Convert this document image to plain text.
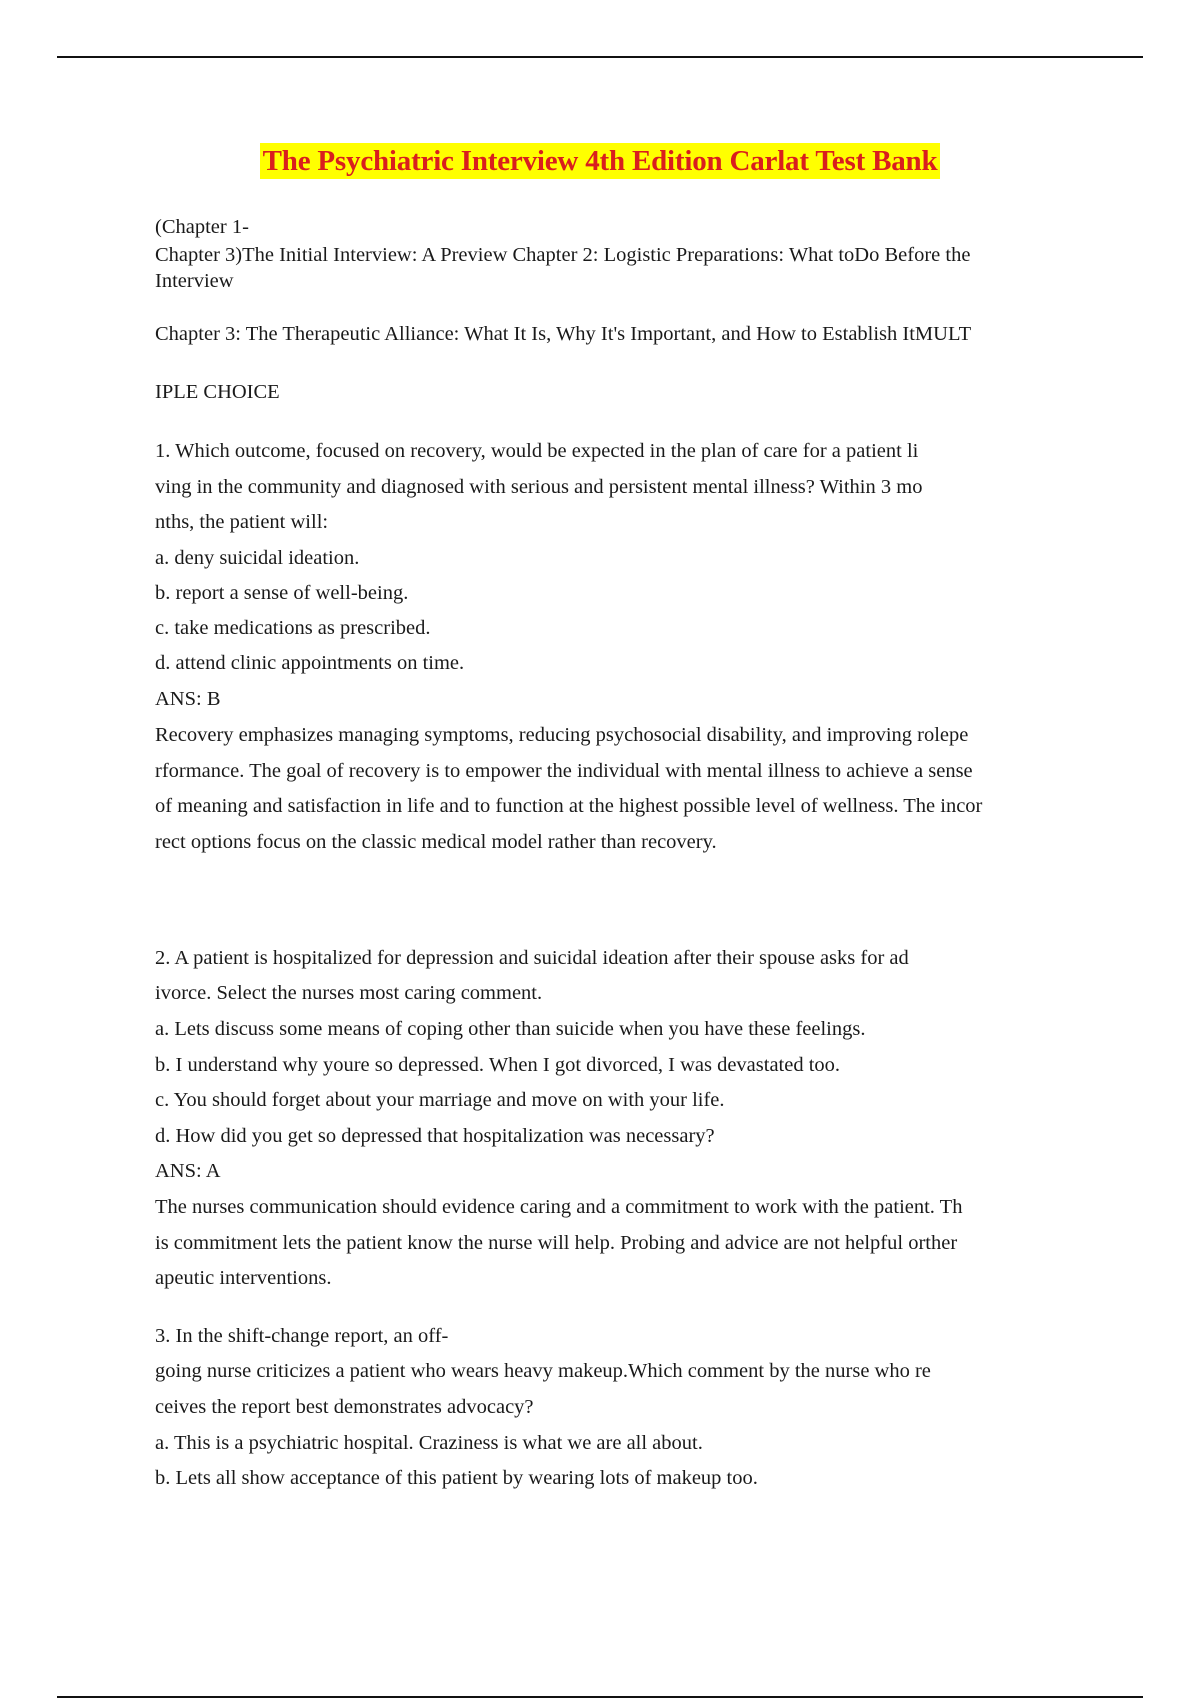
The Psychiatric Interview 4th Edition Carlat Test Bank
(Chapter 1-
Chapter 3)The Initial Interview: A Preview Chapter 2: Logistic Preparations: What toDo Before the
Interview
Chapter 3: The Therapeutic Alliance: What It Is, Why It's Important, and How to Establish ItMULT
IPLE CHOICE
1. Which outcome, focused on recovery, would be expected in the plan of care for a patient li
ving in the community and diagnosed with serious and persistent mental illness? Within 3 mo
nths, the patient will:
a. deny suicidal ideation.
b. report a sense of well-being.
c. take medications as prescribed.
d. attend clinic appointments on time.
ANS: B
Recovery emphasizes managing symptoms, reducing psychosocial disability, and improving rolepe
rformance. The goal of recovery is to empower the individual with mental illness to achieve a sense
of meaning and satisfaction in life and to function at the highest possible level of wellness. The incor
rect options focus on the classic medical model rather than recovery.
2. A patient is hospitalized for depression and suicidal ideation after their spouse asks for ad
ivorce. Select the nurses most caring comment.
a. Lets discuss some means of coping other than suicide when you have these feelings.
b. I understand why youre so depressed. When I got divorced, I was devastated too.
c. You should forget about your marriage and move on with your life.
d. How did you get so depressed that hospitalization was necessary?
ANS: A
The nurses communication should evidence caring and a commitment to work with the patient. Th
is commitment lets the patient know the nurse will help. Probing and advice are not helpful orther
apeutic interventions.
3. In the shift-change report, an off-
going nurse criticizes a patient who wears heavy makeup.Which comment by the nurse who re
ceives the report best demonstrates advocacy?
a. This is a psychiatric hospital. Craziness is what we are all about.
b. Lets all show acceptance of this patient by wearing lots of makeup too.
